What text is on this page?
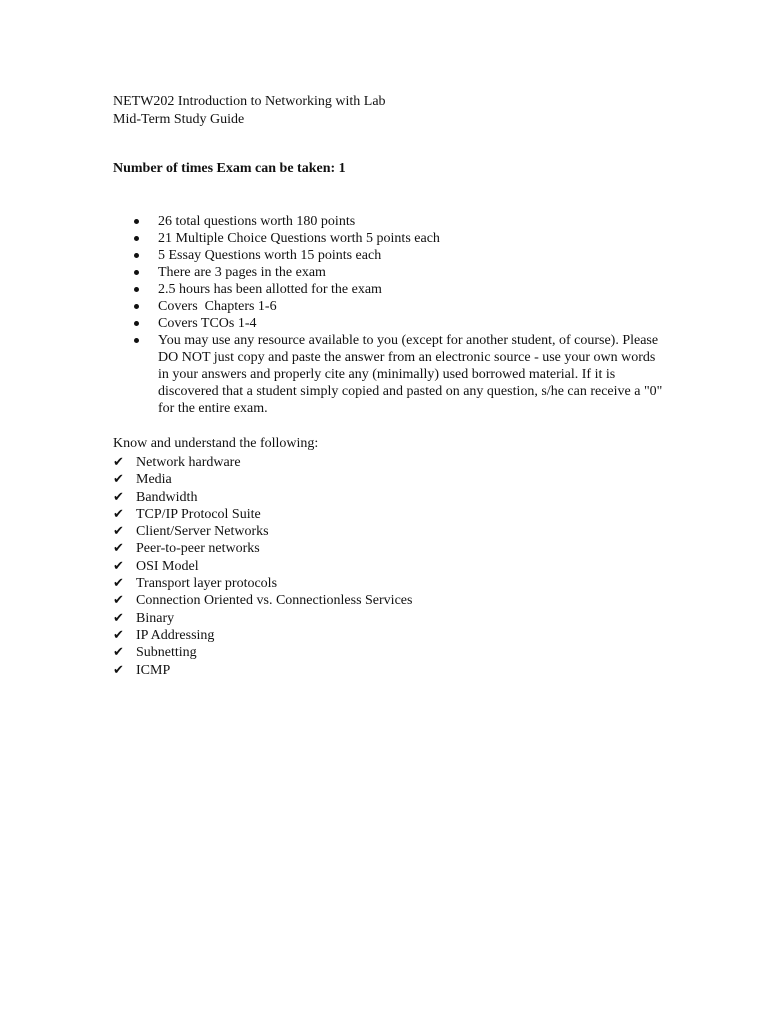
NETW202 Introduction to Networking with Lab
Mid-Term Study Guide
Number of times Exam can be taken: 1
26 total questions worth 180 points
21 Multiple Choice Questions worth 5 points each
5 Essay Questions worth 15 points each
There are 3 pages in the exam
2.5 hours has been allotted for the exam
Covers  Chapters 1-6
Covers TCOs 1-4
You may use any resource available to you (except for another student, of course). Please DO NOT just copy and paste the answer from an electronic source - use your own words in your answers and properly cite any (minimally) used borrowed material. If it is discovered that a student simply copied and pasted on any question, s/he can receive a "0" for the entire exam.
Know and understand the following:
✔ Network hardware
✔ Media
✔ Bandwidth
✔ TCP/IP Protocol Suite
✔ Client/Server Networks
✔ Peer-to-peer networks
✔ OSI Model
✔ Transport layer protocols
✔ Connection Oriented vs. Connectionless Services
✔ Binary
✔ IP Addressing
✔ Subnetting
✔ ICMP
